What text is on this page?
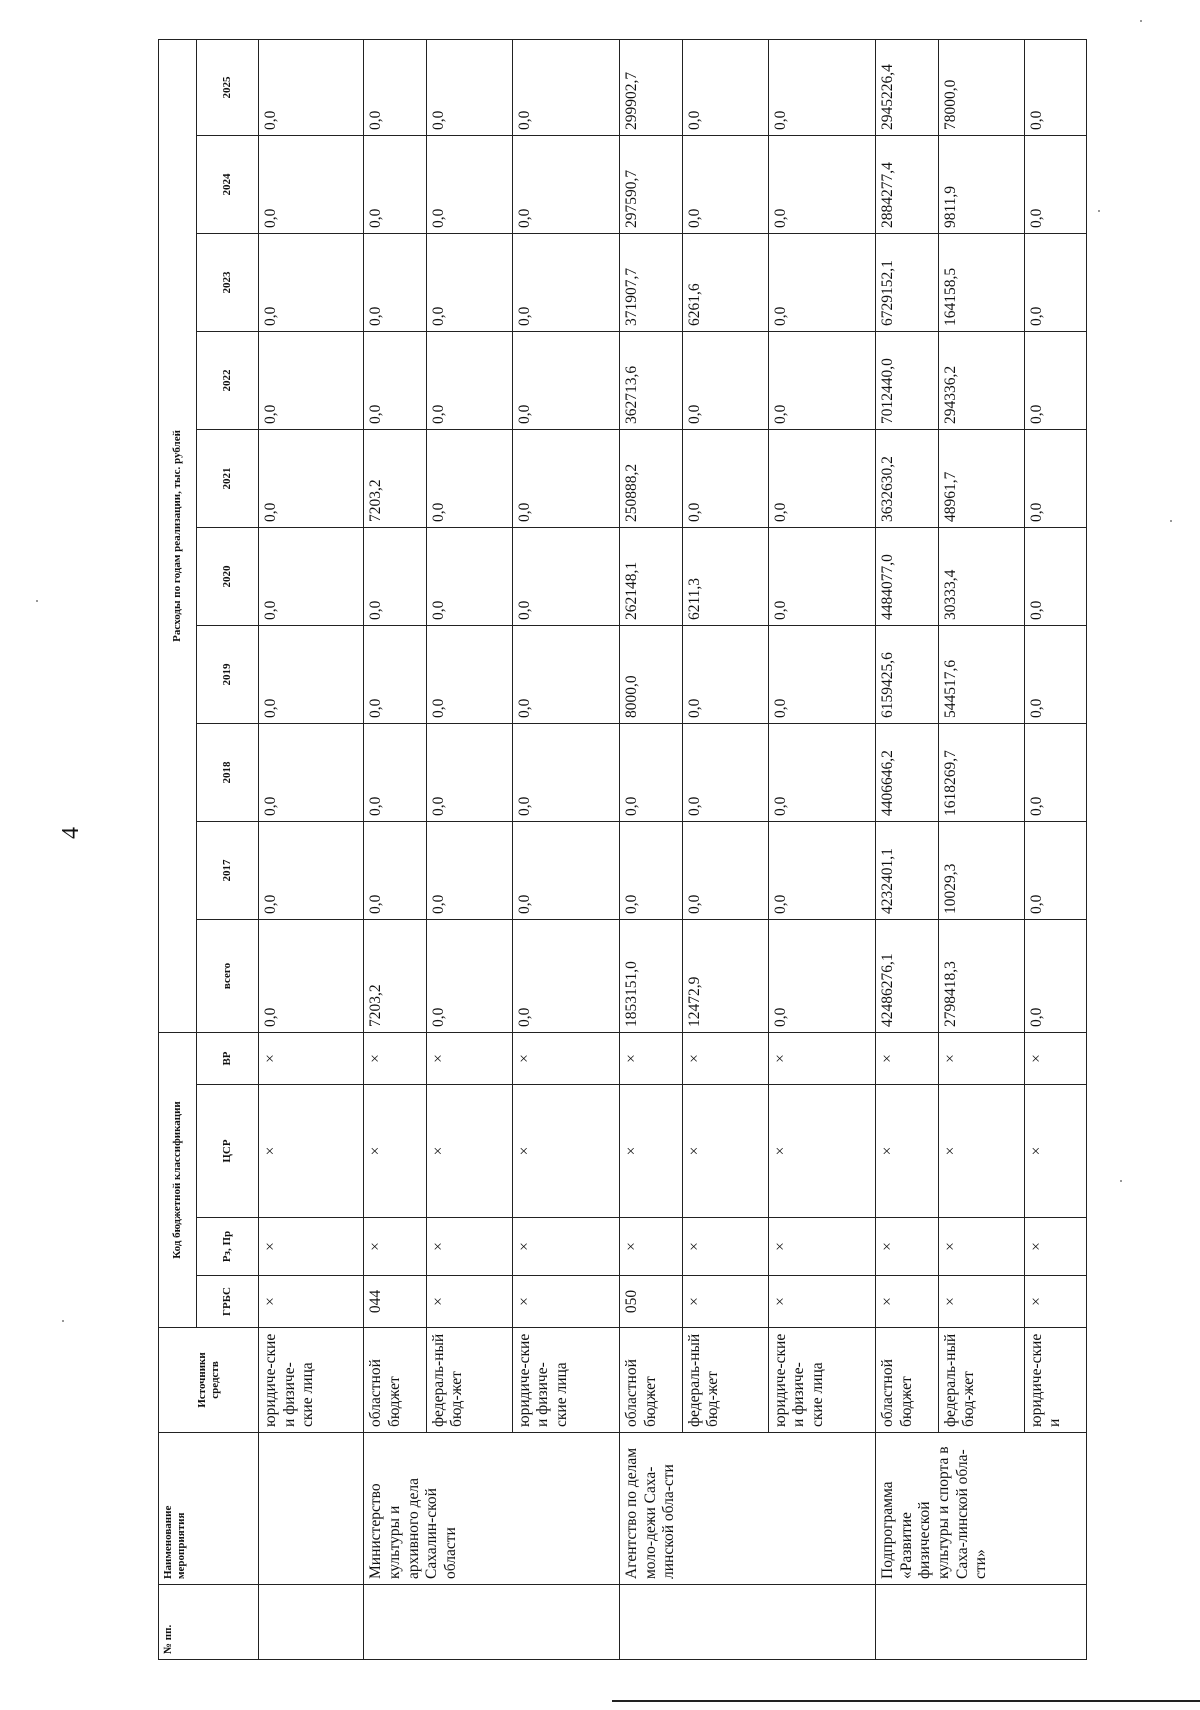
4
№ пп.	Наименование мероприятия	Источники средств	Код бюджетной классификации				Расходы по годам реализации, тыс. рублей									
			ГРБС	Рз, Пр	ЦСР	ВР	всего	2017	2018	2019	2020	2021	2022	2023	2024	2025
		юридиче-ские и физиче-ские лица	×	×	×	×	0,0	0,0	0,0	0,0	0,0	0,0	0,0	0,0	0,0	0,0
	Министерство культуры и архивного дела Сахалин-ской области	областной бюджет	044	×	×	×	7203,2	0,0	0,0	0,0	0,0	7203,2	0,0	0,0	0,0	0,0
		федераль-ный бюд-жет	×	×	×	×	0,0	0,0	0,0	0,0	0,0	0,0	0,0	0,0	0,0	0,0
		юридиче-ские и физиче-ские лица	×	×	×	×	0,0	0,0	0,0	0,0	0,0	0,0	0,0	0,0	0,0	0,0
	Агентство по делам моло-дежи Саха-линской обла-сти	областной бюджет	050	×	×	×	1853151,0	0,0	0,0	8000,0	262148,1	250888,2	362713,6	371907,7	297590,7	299902,7
		федераль-ный бюд-жет	×	×	×	×	12472,9	0,0	0,0	0,0	6211,3	0,0	0,0	6261,6	0,0	0,0
		юридиче-ские и физиче-ские лица	×	×	×	×	0,0	0,0	0,0	0,0	0,0	0,0	0,0	0,0	0,0	0,0
	Подпрограмма «Развитие физической культуры и спорта в Саха-линской обла-сти»	областной бюджет	×	×	×	×	42486276,1	4232401,1	4406646,2	6159425,6	4484077,0	3632630,2	7012440,0	6729152,1	2884277,4	2945226,4
		федераль-ный бюд-жет	×	×	×	×	2798418,3	10029,3	1618269,7	544517,6	30333,4	48961,7	294336,2	164158,5	9811,9	78000,0
		юридиче-ские и	×	×	×	×	0,0	0,0	0,0	0,0	0,0	0,0	0,0	0,0	0,0	0,0
